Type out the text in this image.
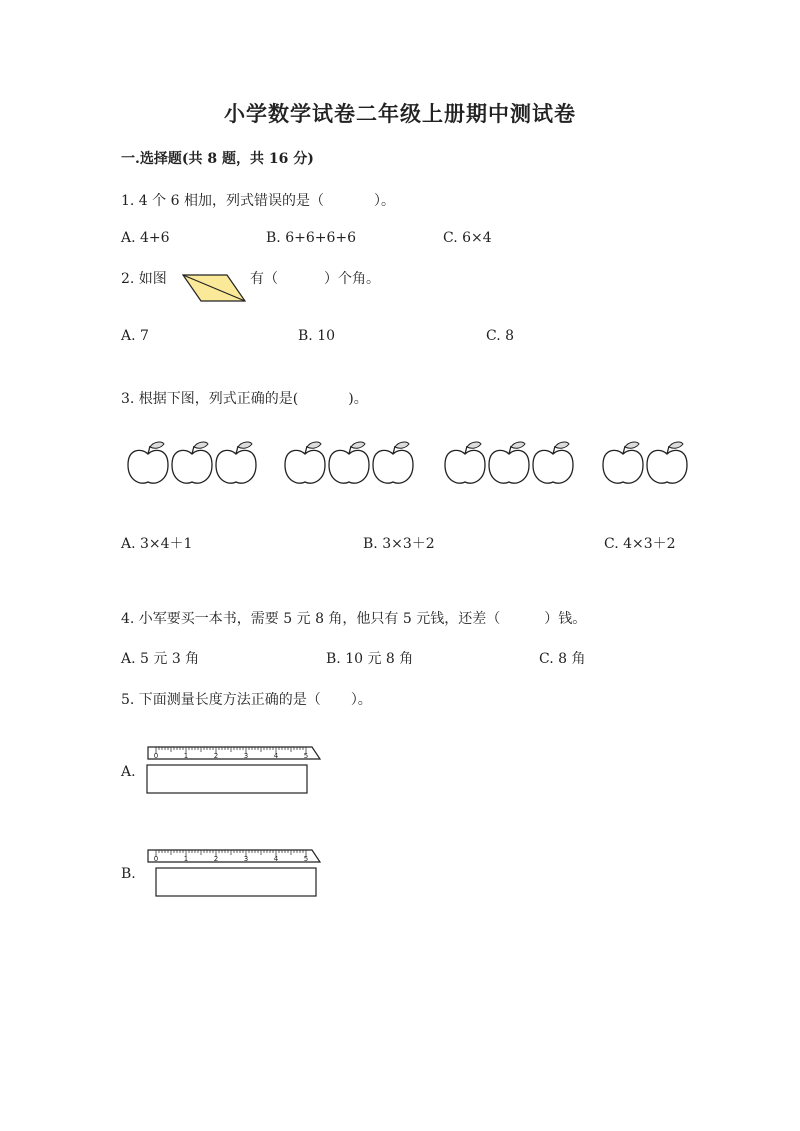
小学数学试卷二年级上册期中测试卷
一.选择题(共 8 题，共 16 分)
1. 4 个 6 相加，列式错误的是（	）。
A. 4+6	B. 6+6+6+6	C. 6×4
2. 如图	有（	）个角。
A. 7	B. 10	C. 8
3. 根据下图，列式正确的是(	)。
A. 3×4＋1	B. 3×3＋2	C. 4×3＋2
4. 小军要买一本书，需要 5 元 8 角，他只有 5 元钱，还差（	）钱。
A. 5 元 3 角	B. 10 元 8 角	C. 8 角
5. 下面测量长度方法正确的是（ ）。
A.
0	1	2	3	4	5
B.
0	1	2	3	4	5
